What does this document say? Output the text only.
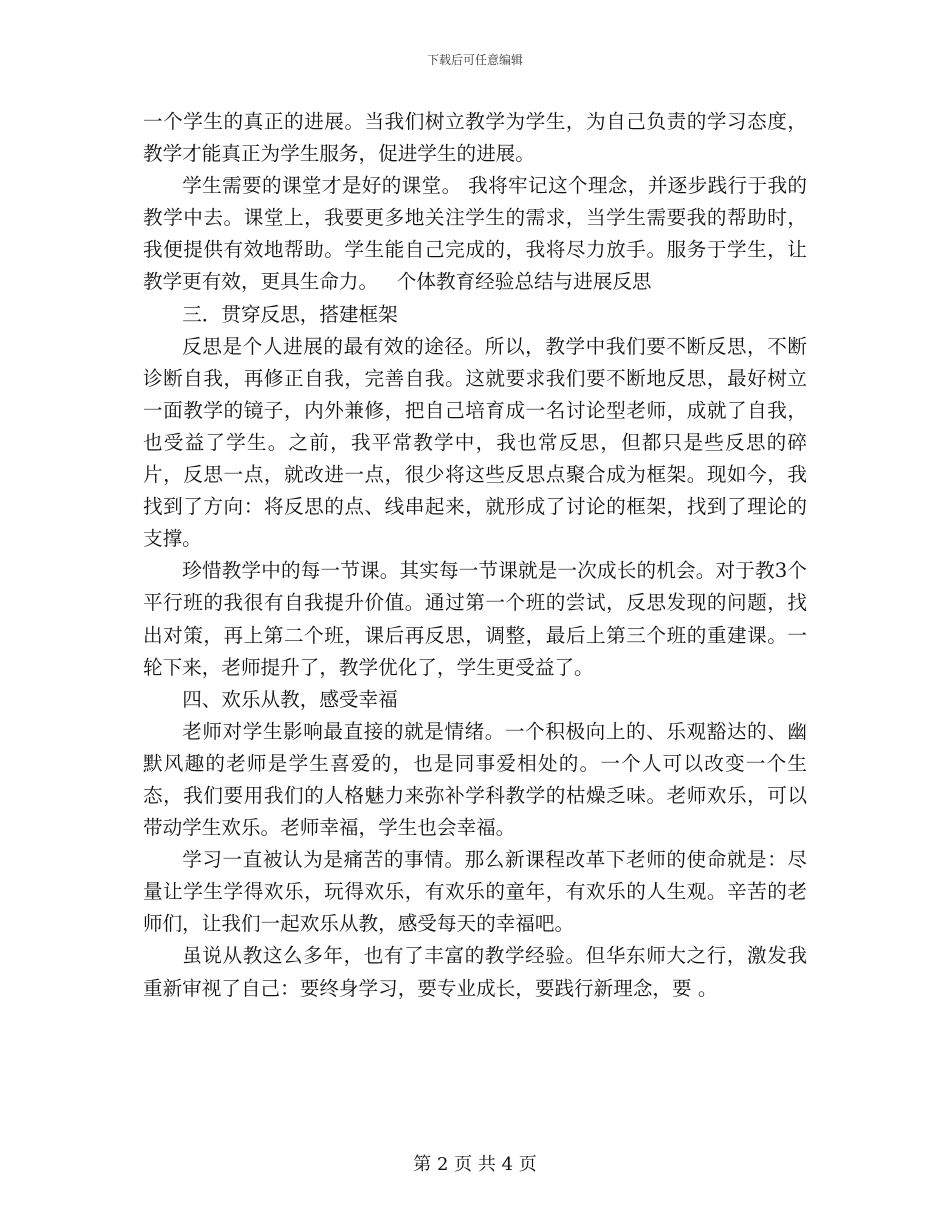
下载后可任意编辑

一个学生的真正的进展。当我们树立教学为学生，为自己负责的学习态度，教学才能真正为学生服务，促进学生的进展。

学生需要的课堂才是好的课堂。 我将牢记这个理念，并逐步践行于我的教学中去。课堂上，我要更多地关注学生的需求，当学生需要我的帮助时，我便提供有效地帮助。学生能自己完成的，我将尽力放手。服务于学生，让教学更有效，更具生命力。   个体教育经验总结与进展反思

三．贯穿反思，搭建框架

反思是个人进展的最有效的途径。所以，教学中我们要不断反思，不断诊断自我，再修正自我，完善自我。这就要求我们要不断地反思，最好树立一面教学的镜子，内外兼修，把自己培育成一名讨论型老师，成就了自我，也受益了学生。之前，我平常教学中，我也常反思，但都只是些反思的碎片，反思一点，就改进一点，很少将这些反思点聚合成为框架。现如今，我找到了方向：将反思的点、线串起来，就形成了讨论的框架，找到了理论的支撑。

珍惜教学中的每一节课。其实每一节课就是一次成长的机会。对于教3个平行班的我很有自我提升价值。通过第一个班的尝试，反思发现的问题，找出对策，再上第二个班，课后再反思，调整，最后上第三个班的重建课。一轮下来，老师提升了，教学优化了，学生更受益了。

四、欢乐从教，感受幸福

老师对学生影响最直接的就是情绪。一个积极向上的、乐观豁达的、幽默风趣的老师是学生喜爱的，也是同事爱相处的。一个人可以改变一个生态，我们要用我们的人格魅力来弥补学科教学的枯燥乏味。老师欢乐，可以带动学生欢乐。老师幸福，学生也会幸福。

学习一直被认为是痛苦的事情。那么新课程改革下老师的使命就是：尽量让学生学得欢乐，玩得欢乐，有欢乐的童年，有欢乐的人生观。辛苦的老师们，让我们一起欢乐从教，感受每天的幸福吧。

虽说从教这么多年，也有了丰富的教学经验。但华东师大之行，激发我重新审视了自己：要终身学习，要专业成长，要践行新理念，要 。

第 2 页 共 4 页
